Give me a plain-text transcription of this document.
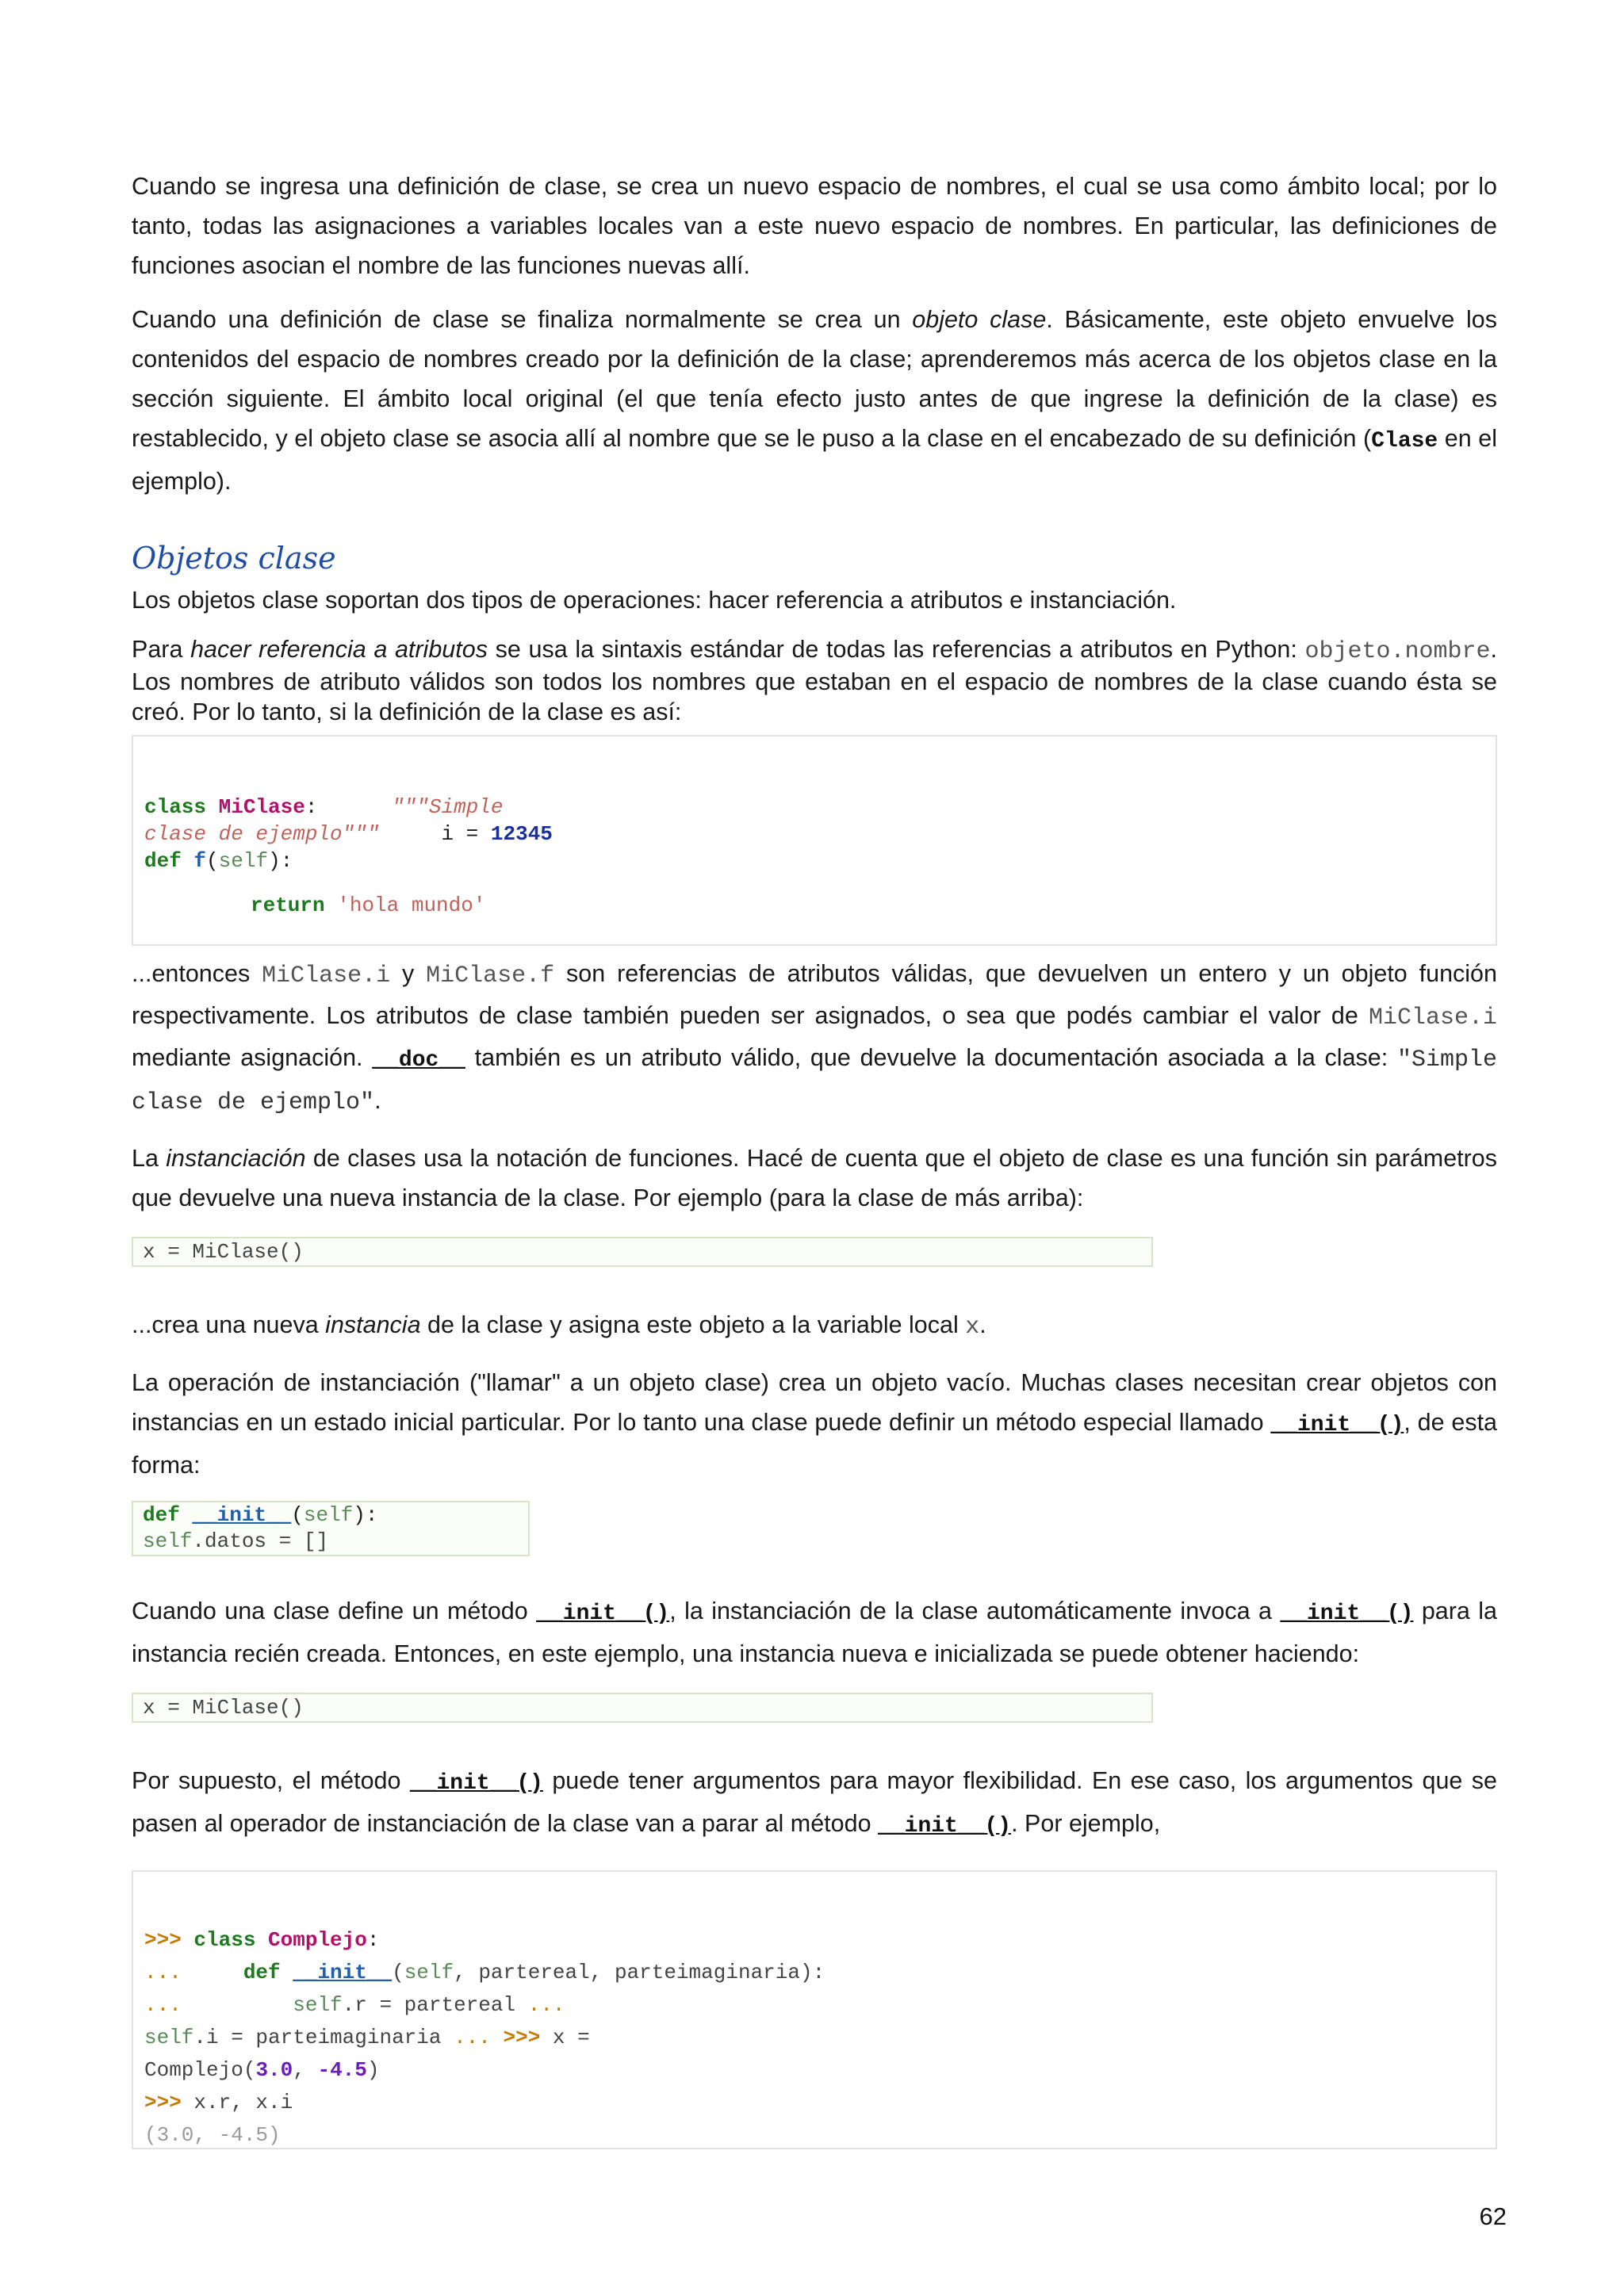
Cuando se ingresa una definición de clase, se crea un nuevo espacio de nombres, el cual se usa como ámbito local; por lo tanto, todas las asignaciones a variables locales van a este nuevo espacio de nombres. En particular, las definiciones de funciones asocian el nombre de las funciones nuevas allí.

Cuando una definición de clase se finaliza normalmente se crea un objeto clase. Básicamente, este objeto envuelve los contenidos del espacio de nombres creado por la definición de la clase; aprenderemos más acerca de los objetos clase en la sección siguiente. El ámbito local original (el que tenía efecto justo antes de que ingrese la definición de la clase) es restablecido, y el objeto clase se asocia allí al nombre que se le puso a la clase en el encabezado de su definición (Clase en el ejemplo).

Objetos clase

Los objetos clase soportan dos tipos de operaciones: hacer referencia a atributos e instanciación.

Para hacer referencia a atributos se usa la sintaxis estándar de todas las referencias a atributos en Python: objeto.nombre. Los nombres de atributo válidos son todos los nombres que estaban en el espacio de nombres de la clase cuando ésta se creó. Por lo tanto, si la definición de la clase es así:

class MiClase:	"""Simple
clase de ejemplo"""	i = 12345
def f(self):

return 'hola mundo'

...entonces MiClase.i y MiClase.f son referencias de atributos válidas, que devuelven un entero y un objeto función respectivamente. Los atributos de clase también pueden ser asignados, o sea que podés cambiar el valor de MiClase.i mediante asignación. __doc__ también es un atributo válido, que devuelve la documentación asociada a la clase: "Simple clase de ejemplo".

La instanciación de clases usa la notación de funciones. Hacé de cuenta que el objeto de clase es una función sin parámetros que devuelve una nueva instancia de la clase. Por ejemplo (para la clase de más arriba):

x = MiClase()

...crea una nueva instancia de la clase y asigna este objeto a la variable local x.

La operación de instanciación ("llamar" a un objeto clase) crea un objeto vacío. Muchas clases necesitan crear objetos con instancias en un estado inicial particular. Por lo tanto una clase puede definir un método especial llamado __init__(), de esta forma:

def __init__(self):
self.datos = []

Cuando una clase define un método __init__(), la instanciación de la clase automáticamente invoca a __init__() para la instancia recién creada. Entonces, en este ejemplo, una instancia nueva e inicializada se puede obtener haciendo:

x = MiClase()

Por supuesto, el método __init__() puede tener argumentos para mayor flexibilidad. En ese caso, los argumentos que se pasen al operador de instanciación de la clase van a parar al método __init__(). Por ejemplo,

>>> class Complejo:
...	def __init__(self, partereal, parteimaginaria):
...	self.r = partereal ...
self.i = parteimaginaria ... >>> x =
Complejo(3.0, -4.5)
>>> x.r, x.i
(3.0, -4.5)

62
